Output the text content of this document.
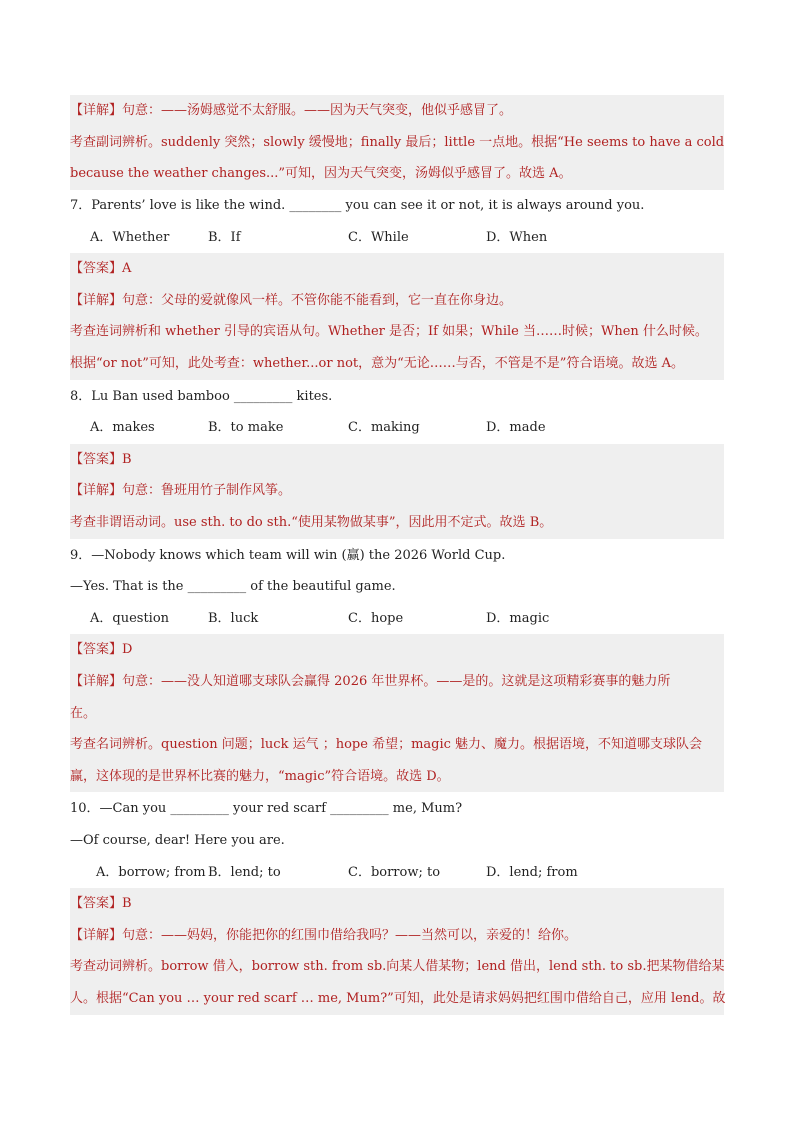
【详解】句意：——汤姆感觉不太舒服。——因为天气突变，他似乎感冒了。
考查副词辨析。suddenly 突然；slowly 缓慢地；finally 最后；little 一点地。根据“He seems to have a cold
because the weather changes...”可知，因为天气突变，汤姆似乎感冒了。故选 A。
7．Parents’ love is like the wind. ________ you can see it or not, it is always around you.
A．Whether	B．If	C．While	D．When
【答案】A
【详解】句意：父母的爱就像风一样。不管你能不能看到，它一直在你身边。
考查连词辨析和 whether 引导的宾语从句。Whether 是否；If 如果；While 当……时候；When 什么时候。
根据“or not”可知，此处考查：whether...or not，意为“无论……与否，不管是不是”符合语境。故选 A。
8．Lu Ban used bamboo _________ kites.
A．makes	B．to make	C．making	D．made
【答案】B
【详解】句意：鲁班用竹子制作风筝。
考查非谓语动词。use sth. to do sth.“使用某物做某事”，因此用不定式。故选 B。
9．—Nobody knows which team will win (赢) the 2026 World Cup.
—Yes. That is the _________ of the beautiful game.
A．question	B．luck	C．hope	D．magic
【答案】D
【详解】句意：——没人知道哪支球队会赢得 2026 年世界杯。——是的。这就是这项精彩赛事的魅力所
在。
考查名词辨析。question 问题；luck 运气 ；hope 希望；magic 魅力、魔力。根据语境，不知道哪支球队会
赢，这体现的是世界杯比赛的魅力，“magic”符合语境。故选 D。
10．—Can you _________ your red scarf _________ me, Mum?
—Of course, dear! Here you are.
A．borrow; from B．lend; to	C．borrow; to	D．lend; from
【答案】B
【详解】句意：——妈妈，你能把你的红围巾借给我吗？——当然可以，亲爱的！给你。
考查动词辨析。borrow 借入，borrow sth. from sb.向某人借某物；lend 借出，lend sth. to sb.把某物借给某
人。根据“Can you … your red scarf … me, Mum?”可知，此处是请求妈妈把红围巾借给自己，应用 lend。故
